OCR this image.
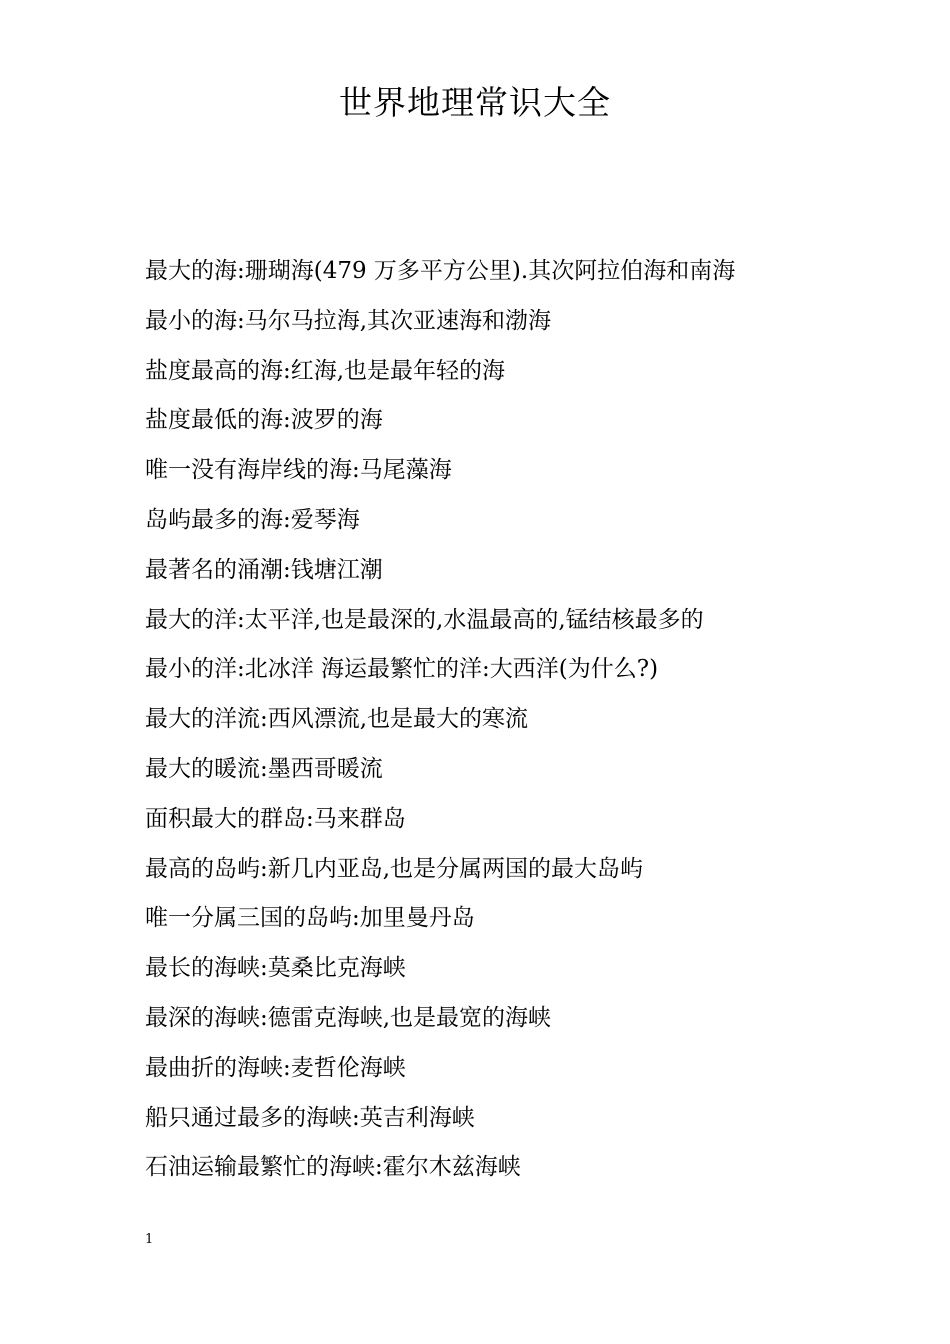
世界地理常识大全
最大的海:珊瑚海(479 万多平方公里).其次阿拉伯海和南海
最小的海:马尔马拉海,其次亚速海和渤海
盐度最高的海:红海,也是最年轻的海
盐度最低的海:波罗的海
唯一没有海岸线的海:马尾藻海
岛屿最多的海:爱琴海
最著名的涌潮:钱塘江潮
最大的洋:太平洋,也是最深的,水温最高的,锰结核最多的
最小的洋:北冰洋 海运最繁忙的洋:大西洋(为什么?)
最大的洋流:西风漂流,也是最大的寒流
最大的暖流:墨西哥暖流
面积最大的群岛:马来群岛
最高的岛屿:新几内亚岛,也是分属两国的最大岛屿
唯一分属三国的岛屿:加里曼丹岛
最长的海峡:莫桑比克海峡
最深的海峡:德雷克海峡,也是最宽的海峡
最曲折的海峡:麦哲伦海峡
船只通过最多的海峡:英吉利海峡
石油运输最繁忙的海峡:霍尔木兹海峡
1
